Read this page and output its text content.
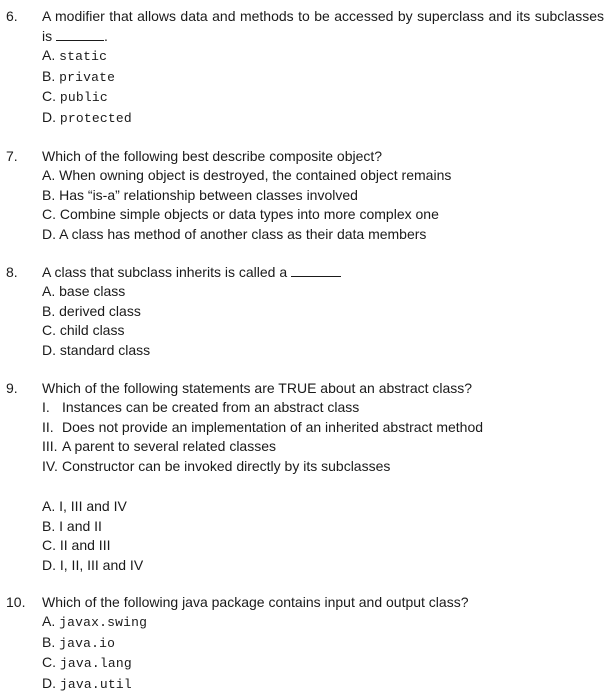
6. A modifier that allows data and methods to be accessed by superclass and its subclasses is	.
A. static
B. private
C. public
D. protected
7. Which of the following best describe composite object?
A. When owning object is destroyed, the contained object remains
B. Has “is-a” relationship between classes involved
C. Combine simple objects or data types into more complex one
D. A class has method of another class as their data members
8. A class that subclass inherits is called a
A. base class
B. derived class
C. child class
D. standard class
9. Which of the following statements are TRUE about an abstract class?
I. Instances can be created from an abstract class
II. Does not provide an implementation of an inherited abstract method
III. A parent to several related classes
IV. Constructor can be invoked directly by its subclasses
A. I, III and IV
B. I and II
C. II and III
D. I, II, III and IV
10. Which of the following java package contains input and output class?
A. javax.swing
B. java.io
C. java.lang
D. java.util
